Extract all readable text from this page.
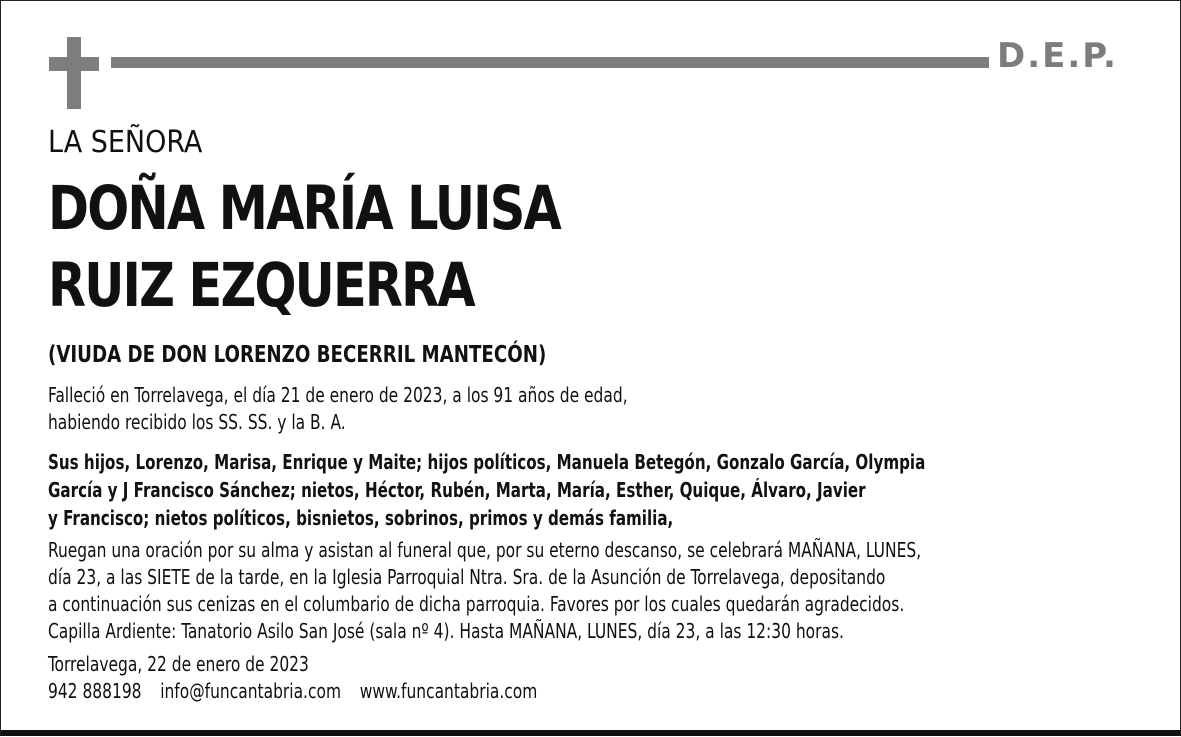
D.E.P.
LA SEÑORA
DOÑA MARÍA LUISA
RUIZ EZQUERRA
(VIUDA DE DON LORENZO BECERRIL MANTECÓN)
Falleció en Torrelavega, el día 21 de enero de 2023, a los 91 años de edad,
habiendo recibido los SS. SS. y la B. A.
Sus hijos, Lorenzo, Marisa, Enrique y Maite; hijos políticos, Manuela Betegón, Gonzalo García, Olympia
García y J Francisco Sánchez; nietos, Héctor, Rubén, Marta, María, Esther, Quique, Álvaro, Javier
y Francisco; nietos políticos, bisnietos, sobrinos, primos y demás familia,
Ruegan una oración por su alma y asistan al funeral que, por su eterno descanso, se celebrará MAÑANA, LUNES,
día 23, a las SIETE de la tarde, en la Iglesia Parroquial Ntra. Sra. de la Asunción de Torrelavega, depositando
a continuación sus cenizas en el columbario de dicha parroquia. Favores por los cuales quedarán agradecidos.
Capilla Ardiente: Tanatorio Asilo San José (sala nº 4). Hasta MAÑANA, LUNES, día 23, a las 12:30 horas.
Torrelavega, 22 de enero de 2023
942 888198 info@funcantabria.com www.funcantabria.com
